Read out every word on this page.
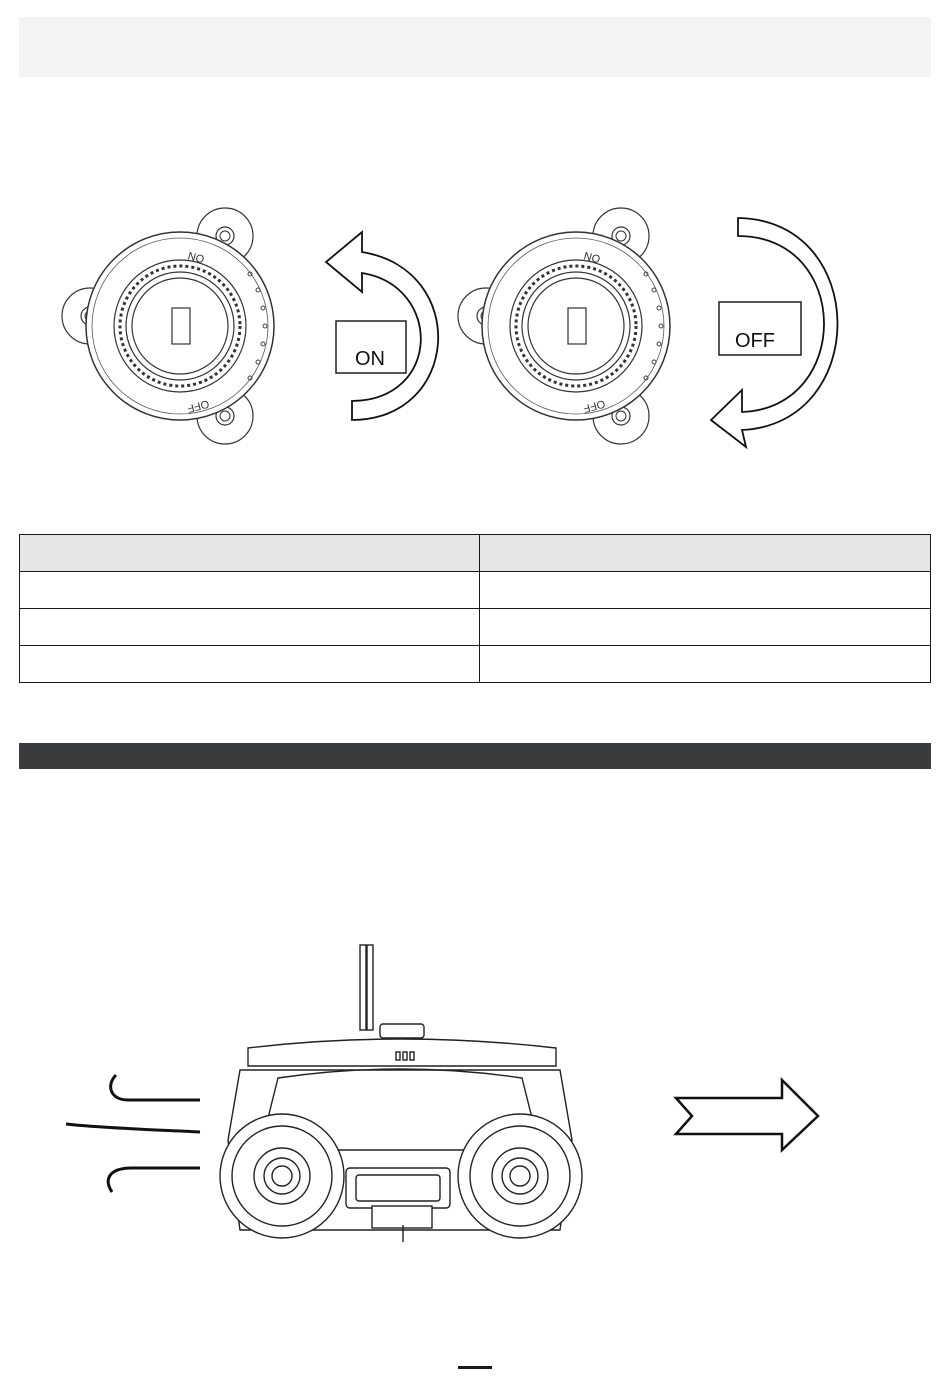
ON
OFF
ON
OFF
ON
OFF
